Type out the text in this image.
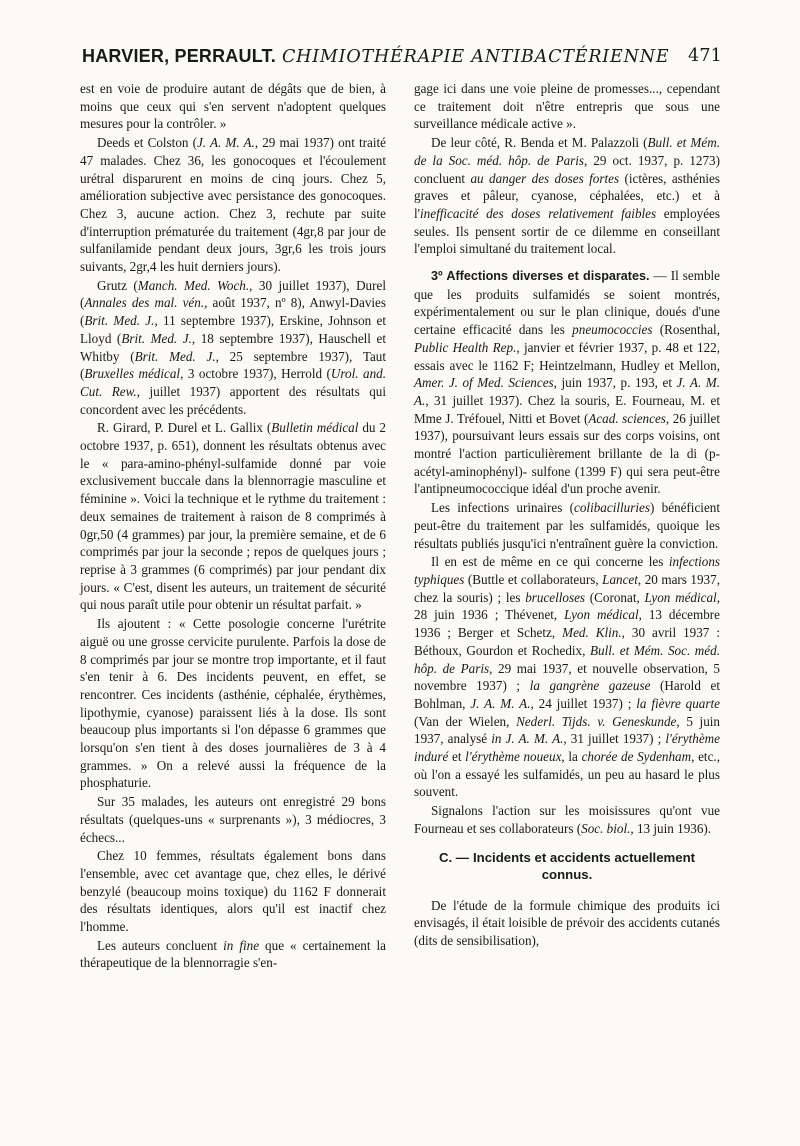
HARVIER, PERRAULT. CHIMIOTHÉRAPIE ANTIBACTÉRIENNE 471

est en voie de produire autant de dégâts que de bien, à moins que ceux qui s'en servent n'adoptent quelques mesures pour la contrôler. »

Deeds et Colston (J. A. M. A., 29 mai 1937) ont traité 47 malades. Chez 36, les gonocoques et l'écoulement urétral disparurent en moins de cinq jours. Chez 5, amélioration subjective avec persistance des gonocoques. Chez 3, aucune action. Chez 3, rechute par suite d'interruption prématurée du traitement (4gr,8 par jour de sulfanilamide pendant deux jours, 3gr,6 les trois jours suivants, 2gr,4 les huit derniers jours).

Grutz (Manch. Med. Woch., 30 juillet 1937), Durel (Annales des mal. vén., août 1937, nº 8), Anwyl-Davies (Brit. Med. J., 11 septembre 1937), Erskine, Johnson et Lloyd (Brit. Med. J., 18 septembre 1937), Hauschell et Whitby (Brit. Med. J., 25 septembre 1937), Taut (Bruxelles médical, 3 octobre 1937), Herrold (Urol. and. Cut. Rew., juillet 1937) apportent des résultats qui concordent avec les précédents.

R. Girard, P. Durel et L. Gallix (Bulletin médical du 2 octobre 1937, p. 651), donnent les résultats obtenus avec le « para-amino-phényl-sulfamide donné par voie exclusivement buccale dans la blennorragie masculine et féminine ». Voici la technique et le rythme du traitement : deux semaines de traitement à raison de 8 comprimés à 0gr,50 (4 grammes) par jour, la première semaine, et de 6 comprimés par jour la seconde ; repos de quelques jours ; reprise à 3 grammes (6 comprimés) par jour pendant dix jours. « C'est, disent les auteurs, un traitement de sécurité qui nous paraît utile pour obtenir un résultat parfait. »

Ils ajoutent : « Cette posologie concerne l'urétrite aiguë ou une grosse cervicite purulente. Parfois la dose de 8 comprimés par jour se montre trop importante, et il faut s'en tenir à 6. Des incidents peuvent, en effet, se rencontrer. Ces incidents (asthénie, céphalée, érythèmes, lipothymie, cyanose) paraissent liés à la dose. Ils sont beaucoup plus importants si l'on dépasse 6 grammes que lorsqu'on s'en tient à des doses journalières de 3 à 4 grammes. » On a relevé aussi la fréquence de la phosphaturie.

Sur 35 malades, les auteurs ont enregistré 29 bons résultats (quelques-uns « surprenants »), 3 médiocres, 3 échecs...

Chez 10 femmes, résultats également bons dans l'ensemble, avec cet avantage que, chez elles, le dérivé benzylé (beaucoup moins toxique) du 1162 F donnerait des résultats identiques, alors qu'il est inactif chez l'homme.

Les auteurs concluent in fine que « certainement la thérapeutique de la blennorragie s'en-

gage ici dans une voie pleine de promesses..., cependant ce traitement doit n'être entrepris que sous une surveillance médicale active ».

De leur côté, R. Benda et M. Palazzoli (Bull. et Mém. de la Soc. méd. hôp. de Paris, 29 oct. 1937, p. 1273) concluent au danger des doses fortes (ictères, asthénies graves et pâleur, cyanose, céphalées, etc.) et à l'inefficacité des doses relativement faibles employées seules. Ils pensent sortir de ce dilemme en conseillant l'emploi simultané du traitement local.

3º Affections diverses et disparates. — Il semble que les produits sulfamidés se soient montrés, expérimentalement ou sur le plan clinique, doués d'une certaine efficacité dans les pneumococcies (Rosenthal, Public Health Rep., janvier et février 1937, p. 48 et 122, essais avec le 1162 F; Heintzelmann, Hudley et Mellon, Amer. J. of Med. Sciences, juin 1937, p. 193, et J. A. M. A., 31 juillet 1937). Chez la souris, E. Fourneau, M. et Mme J. Tréfouel, Nitti et Bovet (Acad. sciences, 26 juillet 1937), poursuivant leurs essais sur des corps voisins, ont montré l'action particulièrement brillante de la di (p-acétyl-aminophényl)- sulfone (1399 F) qui sera peut-être l'antipneumococcique idéal d'un proche avenir.

Les infections urinaires (colibacilluries) bénéficient peut-être du traitement par les sulfamidés, quoique les résultats publiés jusqu'ici n'entraînent guère la conviction.

Il en est de même en ce qui concerne les infections typhiques (Buttle et collaborateurs, Lancet, 20 mars 1937, chez la souris) ; les brucelloses (Coronat, Lyon médical, 28 juin 1936 ; Thévenet, Lyon médical, 13 décembre 1936 ; Berger et Schetz, Med. Klin., 30 avril 1937 : Béthoux, Gourdon et Rochedix, Bull. et Mém. Soc. méd. hôp. de Paris, 29 mai 1937, et nouvelle observation, 5 novembre 1937) ; la gangrène gazeuse (Harold et Bohlman, J. A. M. A., 24 juillet 1937) ; la fièvre quarte (Van der Wielen, Nederl. Tijds. v. Geneskunde, 5 juin 1937, analysé in J. A. M. A., 31 juillet 1937) ; l'érythème induré et l'érythème noueux, la chorée de Sydenham, etc., où l'on a essayé les sulfamidés, un peu au hasard le plus souvent.

Signalons l'action sur les moisissures qu'ont vue Fourneau et ses collaborateurs (Soc. biol., 13 juin 1936).

C. — Incidents et accidents actuellement connus.

De l'étude de la formule chimique des produits ici envisagés, il était loisible de prévoir des accidents cutanés (dits de sensibilisation),
